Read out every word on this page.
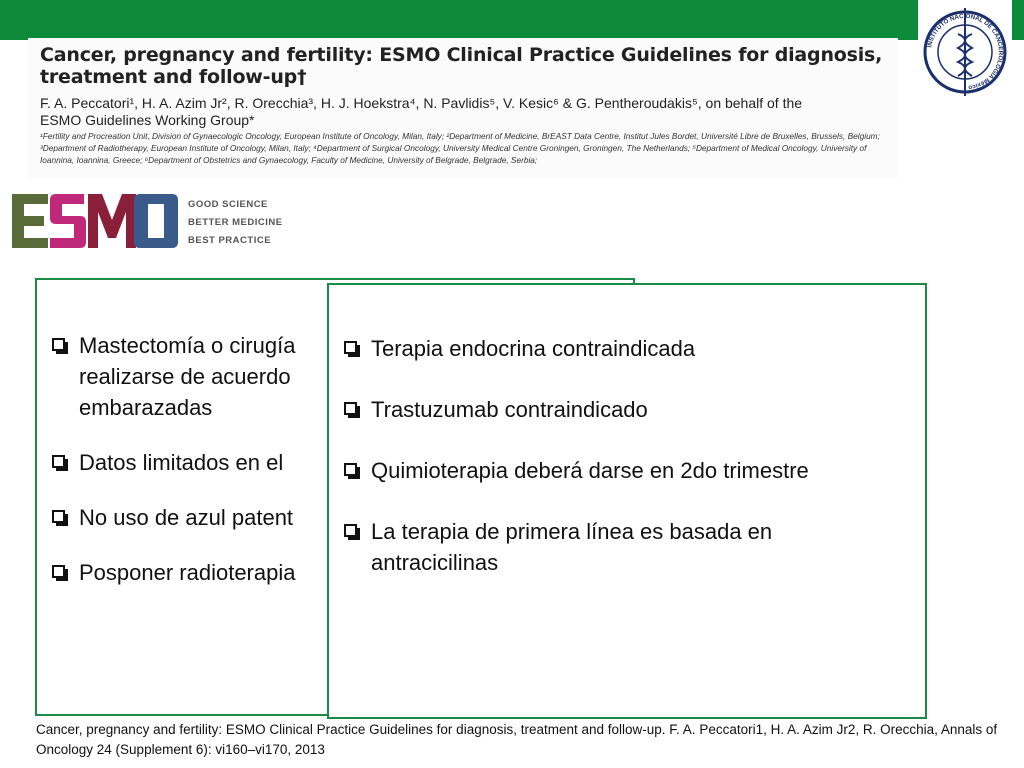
INSTITUTO NAC ONAL DE CANCEROLOGÍA México
Cancer, pregnancy and fertility: ESMO Clinical Practice Guidelines for diagnosis, treatment and follow-up†
F. A. Peccatori¹, H. A. Azim Jr², R. Orecchia³, H. J. Hoekstra⁴, N. Pavlidis⁵, V. Kesic⁶ & G. Pentheroudakis⁵, on behalf of the ESMO Guidelines Working Group*
¹Fertility and Procreation Unit, Division of Gynaecologic Oncology, European Institute of Oncology, Milan, Italy; ²Department of Medicine, BrEAST Data Centre, Institut Jules Bordet, Université Libre de Bruxelles, Brussels, Belgium; ³Department of Radiotherapy, European Institute of Oncology, Milan, Italy; ⁴Department of Surgical Oncology, University Medical Centre Groningen, Groningen, The Netherlands; ⁵Department of Medical Oncology, University of Ioannina, Ioannina, Greece; ⁶Department of Obstetrics and Gynaecology, Faculty of Medicine, University of Belgrade, Belgrade, Serbia;
GOOD SCIENCE
BETTER MEDICINE
BEST PRACTICE
Mastectomía o cirugía
realizarse de acuerdo
embarazadas
Datos limitados en el
No uso de azul patent
Posponer radioterapia
Terapia endocrina contraindicada
Trastuzumab contraindicado
Quimioterapia deberá darse en 2do trimestre
La terapia de primera línea es basada en antracicilinas
Cancer, pregnancy and fertility: ESMO Clinical Practice Guidelines for diagnosis, treatment and follow-up. F. A. Peccatori1, H. A. Azim Jr2, R. Orecchia, Annals of Oncology 24 (Supplement 6): vi160–vi170, 2013
